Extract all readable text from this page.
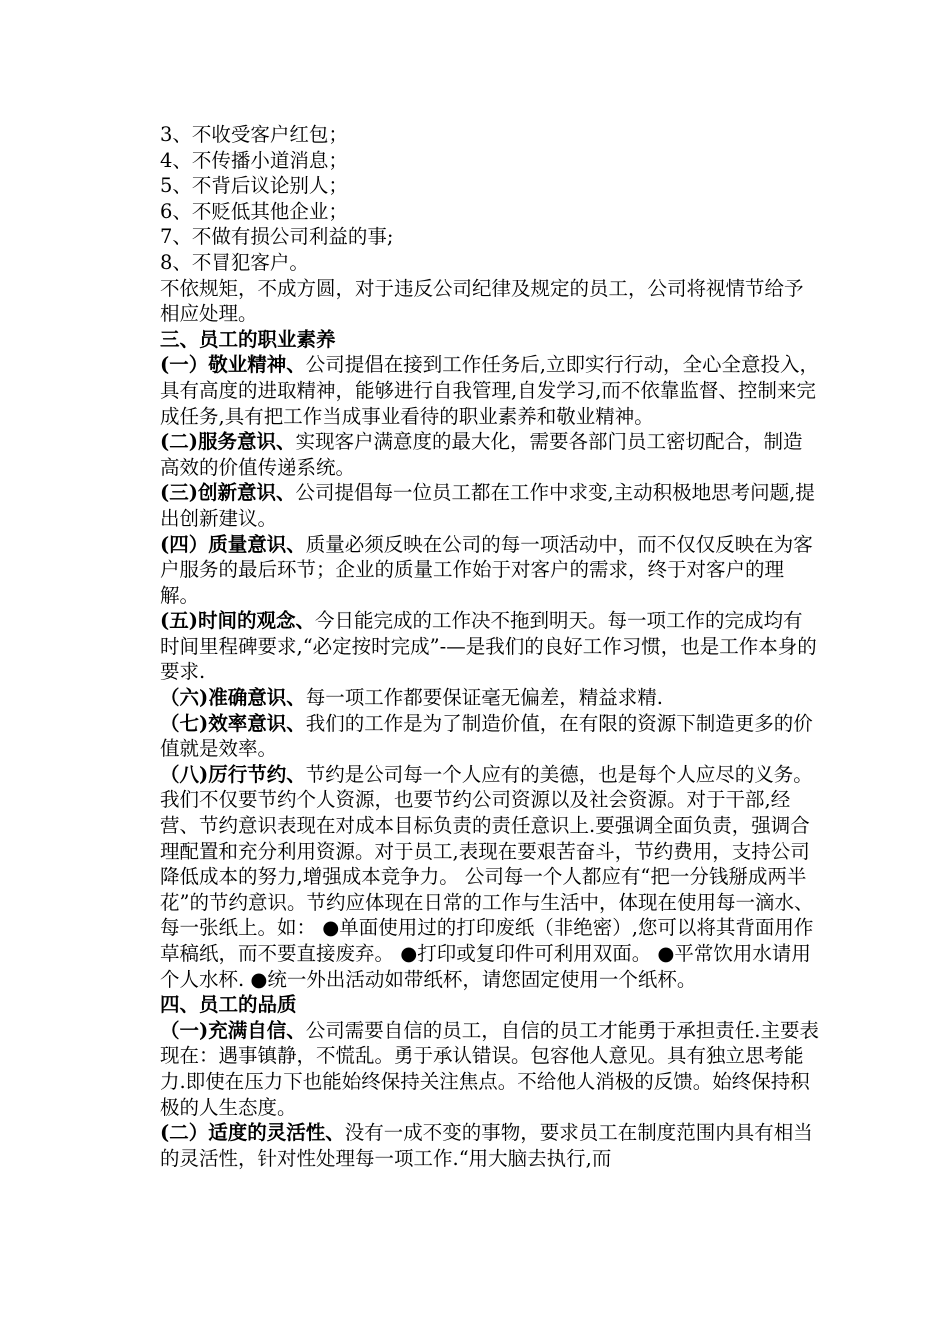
3、不收受客户红包；

4、不传播小道消息；

5、不背后议论别人；

6、不贬低其他企业；

7、不做有损公司利益的事;

8、不冒犯客户。

不依规矩，不成方圆，对于违反公司纪律及规定的员工，公司将视情节给予相应处理。

三、员工的职业素养

(一）敬业精神、公司提倡在接到工作任务后,立即实行行动，全心全意投入，具有高度的进取精神，能够进行自我管理,自发学习,而不依靠监督、控制来完成任务,具有把工作当成事业看待的职业素养和敬业精神。

(二)服务意识、实现客户满意度的最大化，需要各部门员工密切配合，制造高效的价值传递系统。

(三)创新意识、公司提倡每一位员工都在工作中求变,主动积极地思考问题,提出创新建议。

(四）质量意识、质量必须反映在公司的每一项活动中，而不仅仅反映在为客户服务的最后环节；企业的质量工作始于对客户的需求，终于对客户的理解。

(五)时间的观念、今日能完成的工作决不拖到明天。每一项工作的完成均有时间里程碑要求,“必定按时完成”-—是我们的良好工作习惯，也是工作本身的要求.

（六)准确意识、每一项工作都要保证毫无偏差，精益求精.

（七)效率意识、我们的工作是为了制造价值，在有限的资源下制造更多的价值就是效率。

（八)厉行节约、节约是公司每一个人应有的美德，也是每个人应尽的义务。我们不仅要节约个人资源，也要节约公司资源以及社会资源。对于干部,经营、节约意识表现在对成本目标负责的责任意识上.要强调全面负责，强调合理配置和充分利用资源。对于员工,表现在要艰苦奋斗，节约费用，支持公司降低成本的努力,增强成本竞争力。 公司每一个人都应有“把一分钱掰成两半花”的节约意识。节约应体现在日常的工作与生活中，体现在使用每一滴水、每一张纸上。如： ●单面使用过的打印废纸（非绝密）,您可以将其背面用作草稿纸，而不要直接废弃。 ●打印或复印件可利用双面。 ●平常饮用水请用个人水杯. ●统一外出活动如带纸杯，请您固定使用一个纸杯。

四、员工的品质

（一)充满自信、公司需要自信的员工，自信的员工才能勇于承担责任.主要表现在：遇事镇静，不慌乱。勇于承认错误。包容他人意见。具有独立思考能力.即使在压力下也能始终保持关注焦点。不给他人消极的反馈。始终保持积极的人生态度。

(二）适度的灵活性、没有一成不变的事物，要求员工在制度范围内具有相当的灵活性，针对性处理每一项工作.“用大脑去执行,而
